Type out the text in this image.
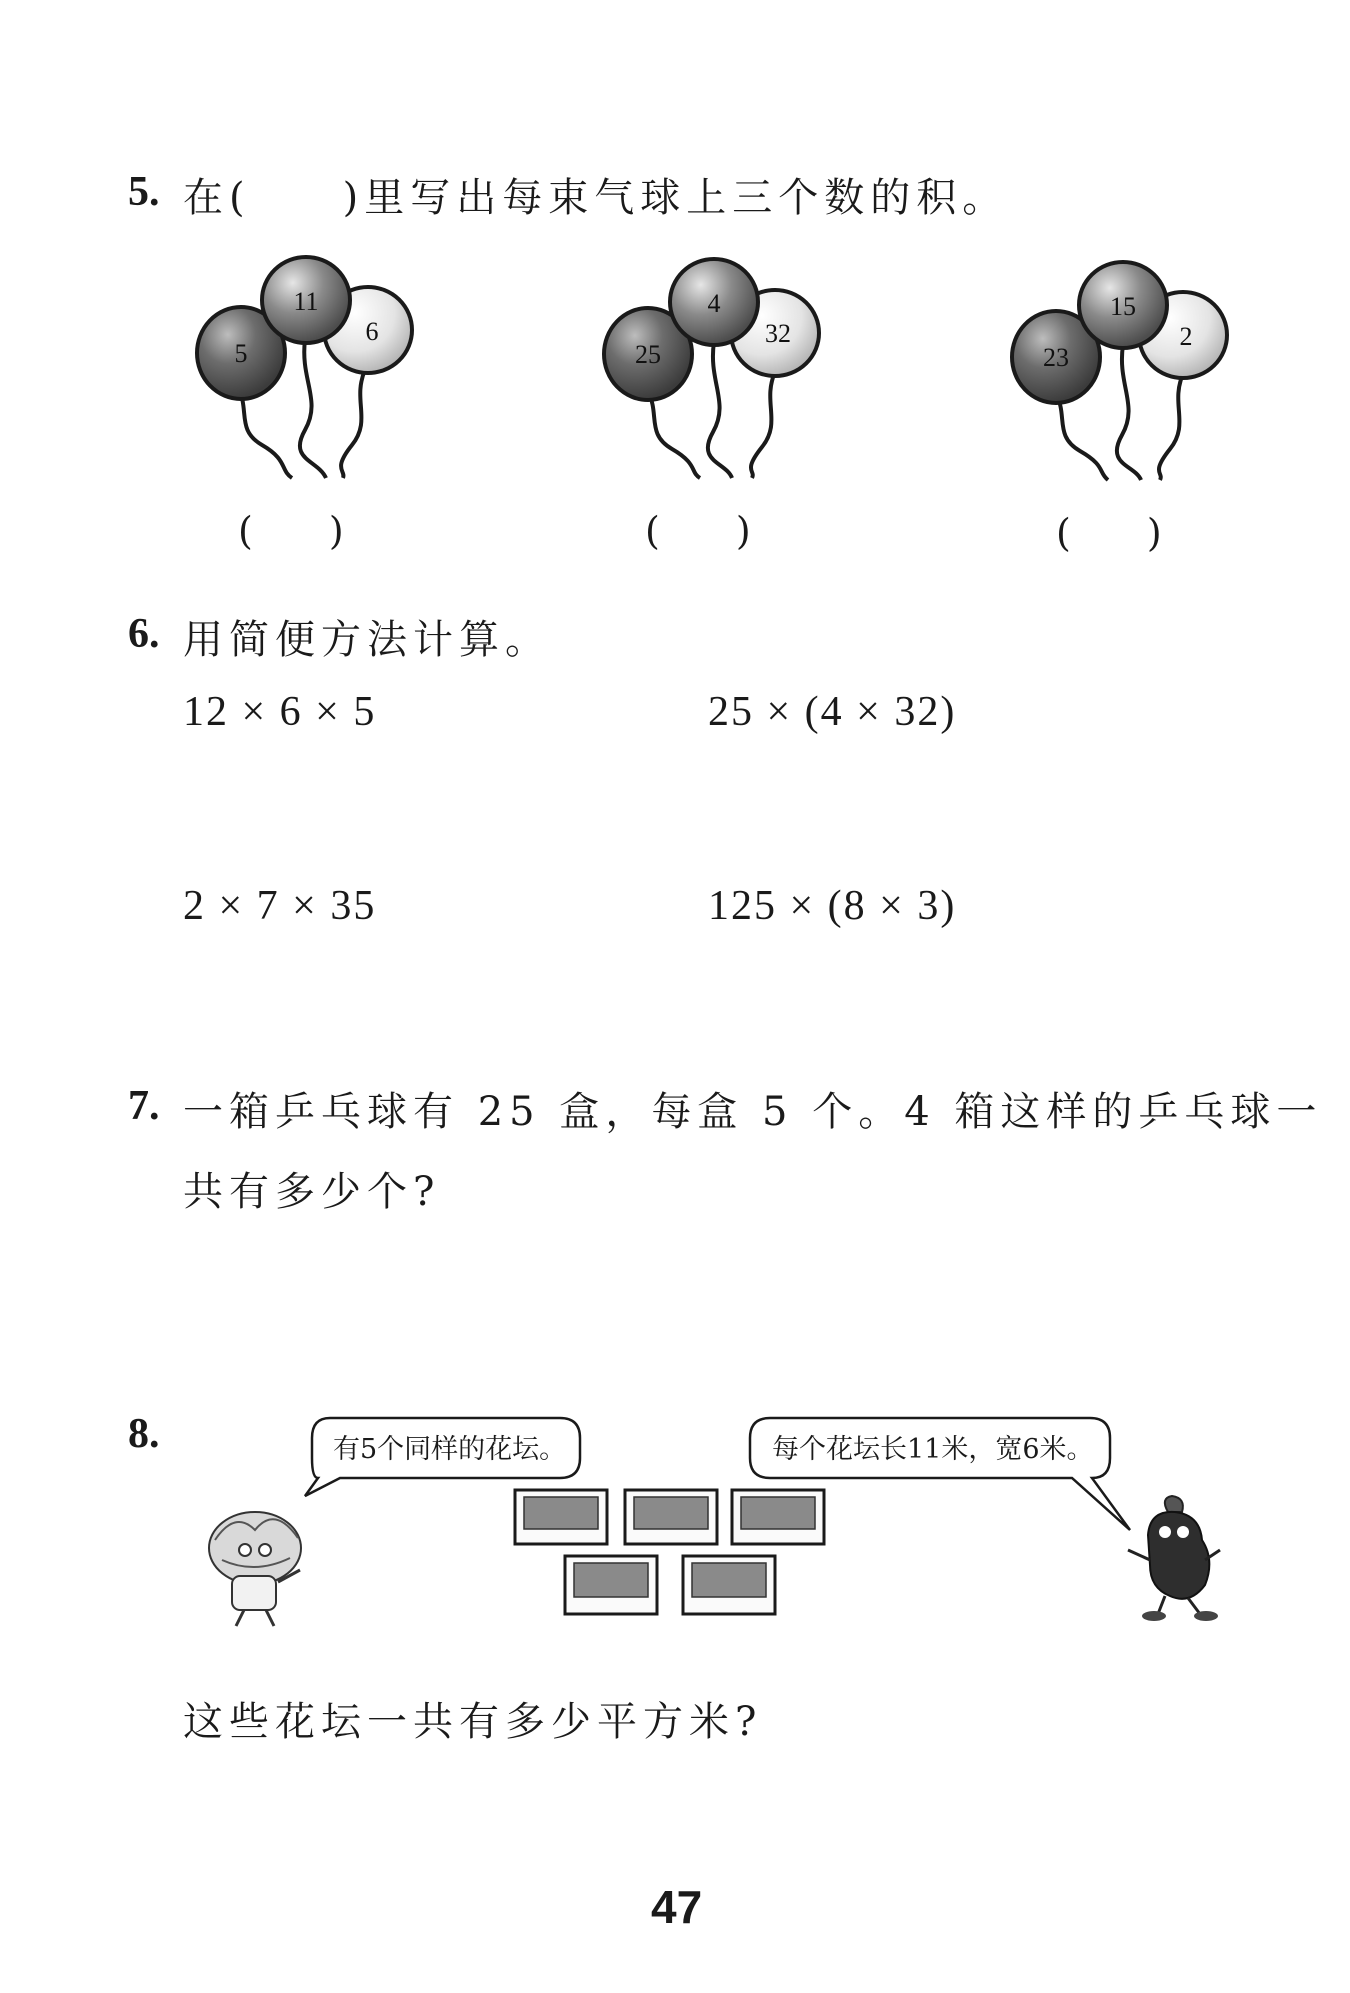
5. 在(　　)里写出每束气球上三个数的积。
5
11
6
25
4
32
23
15
2
(　　)	(　　)	(　　)
6. 用简便方法计算。
12 × 6 × 5	25 × (4 × 32)
2 × 7 × 35	125 × (8 × 3)
7. 一箱乒乓球有 25 盒，每盒 5 个。4 箱这样的乒乓球一
共有多少个?
8.	有5个同样的花坛。	每个花坛长11米，宽6米。
这些花坛一共有多少平方米?
47
